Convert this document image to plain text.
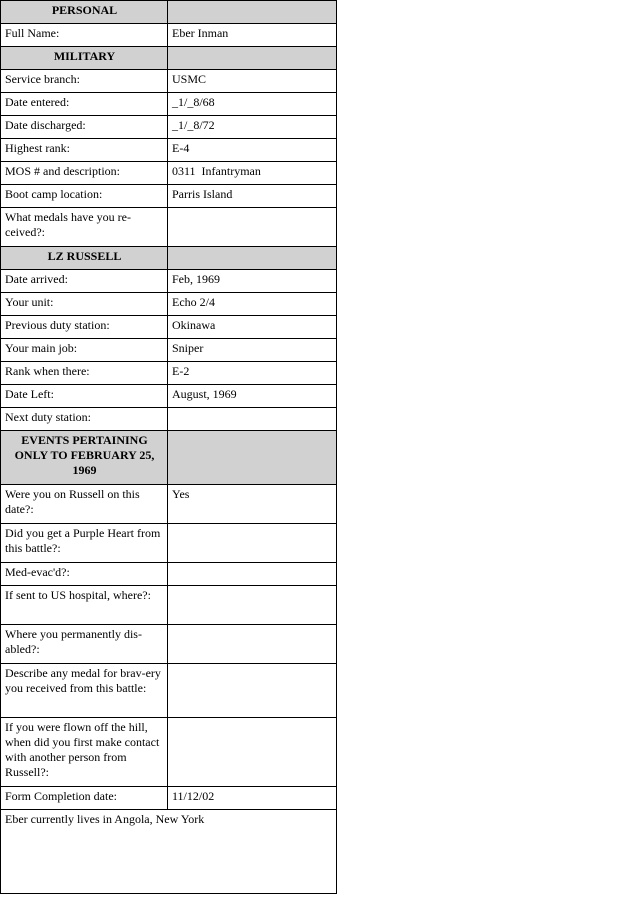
PERSONAL	
Full Name:	Eber Inman
MILITARY	
Service branch:	USMC
Date entered:	_1/_8/68
Date discharged:	_1/_8/72
Highest rank:	E-4
MOS # and description:	0311  Infantryman
Boot camp location:	Parris Island
What medals have you re-ceived?:	
LZ RUSSELL	
Date arrived:	Feb, 1969
Your unit:	Echo 2/4
Previous duty station:	Okinawa
Your main job:	Sniper
Rank when there:	E-2
Date Left:	August, 1969
Next duty station:	
EVENTS PERTAINING ONLY TO FEBRUARY 25, 1969	
Were you on Russell on this date?:	Yes
Did you get a Purple Heart from this battle?:	
Med-evac'd?:	
If sent to US hospital, where?:	
Where you permanently dis-abled?:	
Describe any medal for brav-ery you received from this battle:	
If you were flown off the hill, when did you first make contact with another person from Russell?:	
Form Completion date:	11/12/02
Eber currently lives in Angola, New York	
